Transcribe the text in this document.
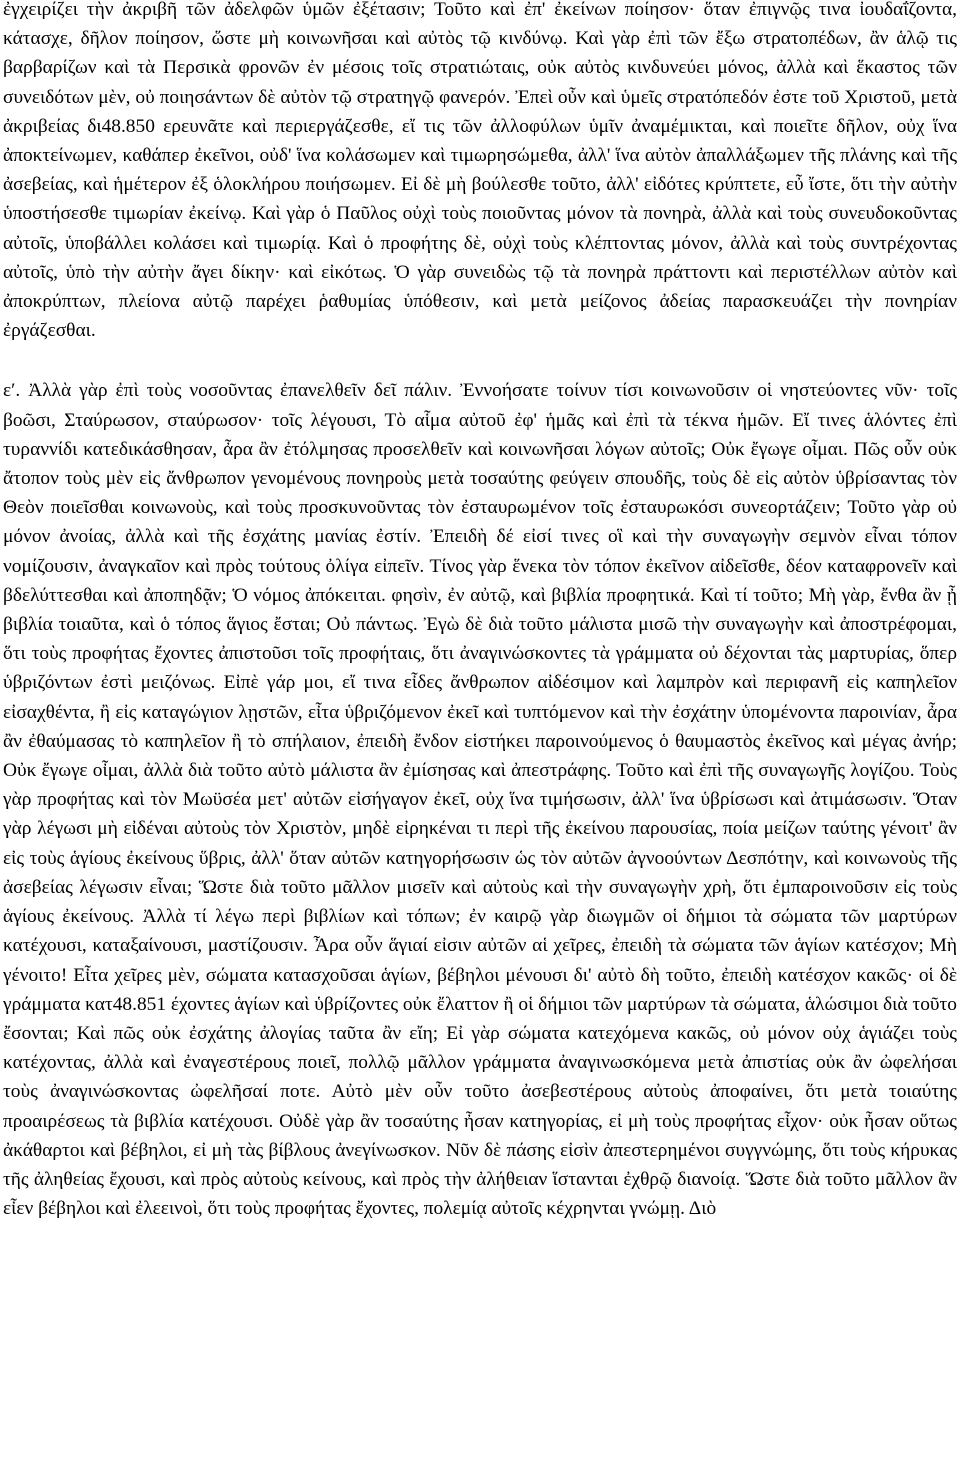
ἐγχειρίζει τὴν ἀκριβῆ τῶν ἀδελφῶν ὑμῶν ἐξέτασιν; Τοῦτο καὶ ἐπ' ἐκείνων ποίησον· ὅταν ἐπιγνῷς τινα ἰουδαΐζοντα, κάτασχε, δῆλον ποίησον, ὥστε μὴ κοινωνῆσαι καὶ αὐτὸς τῷ κινδύνῳ. Καὶ γὰρ ἐπὶ τῶν ἔξω στρατοπέδων, ἂν ἁλῷ τις βαρβαρίζων καὶ τὰ Περσικὰ φρονῶν ἐν μέσοις τοῖς στρατιώταις, οὐκ αὐτὸς κινδυνεύει μόνος, ἀλλὰ καὶ ἕκαστος τῶν συνειδότων μὲν, οὐ ποιησάντων δὲ αὐτὸν τῷ στρατηγῷ φανερόν. Ἐπεὶ οὖν καὶ ὑμεῖς στρατόπεδόν ἐστε τοῦ Χριστοῦ, μετὰ ἀκριβείας δι48.850 ερευνᾶτε καὶ περιεργάζεσθε, εἴ τις τῶν ἀλλοφύλων ὑμῖν ἀναμέμικται, καὶ ποιεῖτε δῆλον, οὐχ ἵνα ἀποκτείνωμεν, καθάπερ ἐκεῖνοι, οὐδ' ἵνα κολάσωμεν καὶ τιμωρησώμεθα, ἀλλ' ἵνα αὐτὸν ἀπαλλάξωμεν τῆς πλάνης καὶ τῆς ἀσεβείας, καὶ ἡμέτερον ἐξ ὁλοκλήρου ποιήσωμεν. Εἰ δὲ μὴ βούλεσθε τοῦτο, ἀλλ' εἰδότες κρύπτετε, εὖ ἴστε, ὅτι τὴν αὐτὴν ὑποστήσεσθε τιμωρίαν ἐκείνῳ. Καὶ γὰρ ὁ Παῦλος οὐχὶ τοὺς ποιοῦντας μόνον τὰ πονηρὰ, ἀλλὰ καὶ τοὺς συνευδοκοῦντας αὐτοῖς, ὑποβάλλει κολάσει καὶ τιμωρίᾳ. Καὶ ὁ προφήτης δὲ, οὐχὶ τοὺς κλέπτοντας μόνον, ἀλλὰ καὶ τοὺς συντρέχοντας αὐτοῖς, ὑπὸ τὴν αὐτὴν ἄγει δίκην· καὶ εἰκότως. Ὁ γὰρ συνειδὼς τῷ τὰ πονηρὰ πράττοντι καὶ περιστέλλων αὐτὸν καὶ ἀποκρύπτων, πλείονα αὐτῷ παρέχει ῥαθυμίας ὑπόθεσιν, καὶ μετὰ μείζονος ἀδείας παρασκευάζει τὴν πονηρίαν ἐργάζεσθαι.

εʹ. Ἀλλὰ γὰρ ἐπὶ τοὺς νοσοῦντας ἐπανελθεῖν δεῖ πάλιν. Ἐννοήσατε τοίνυν τίσι κοινωνοῦσιν οἱ νηστεύοντες νῦν· τοῖς βοῶσι, Σταύρωσον, σταύρωσον· τοῖς λέγουσι, Τὸ αἷμα αὐτοῦ ἐφ' ἡμᾶς καὶ ἐπὶ τὰ τέκνα ἡμῶν. Εἴ τινες ἁλόντες ἐπὶ τυραννίδι κατεδικάσθησαν, ἆρα ἂν ἐτόλμησας προσελθεῖν καὶ κοινωνῆσαι λόγων αὐτοῖς; Οὐκ ἔγωγε οἶμαι. Πῶς οὖν οὐκ ἄτοπον τοὺς μὲν εἰς ἄνθρωπον γενομένους πονηροὺς μετὰ τοσαύτης φεύγειν σπουδῆς, τοὺς δὲ εἰς αὐτὸν ὑβρίσαντας τὸν Θεὸν ποιεῖσθαι κοινωνοὺς, καὶ τοὺς προσκυνοῦντας τὸν ἐσταυρωμένον τοῖς ἐσταυρωκόσι συνεορτάζειν; Τοῦτο γὰρ οὐ μόνον ἀνοίας, ἀλλὰ καὶ τῆς ἐσχάτης μανίας ἐστίν. Ἐπειδὴ δέ εἰσί τινες οἳ καὶ τὴν συναγωγὴν σεμνὸν εἶναι τόπον νομίζουσιν, ἀναγκαῖον καὶ πρὸς τούτους ὀλίγα εἰπεῖν. Τίνος γὰρ ἕνεκα τὸν τόπον ἐκεῖνον αἰδεῖσθε, δέον καταφρονεῖν καὶ βδελύττεσθαι καὶ ἀποπηδᾷν; Ὁ νόμος ἀπόκειται. φησὶν, ἐν αὐτῷ, καὶ βιβλία προφητικά. Καὶ τί τοῦτο; Μὴ γὰρ, ἔνθα ἂν ᾖ βιβλία τοιαῦτα, καὶ ὁ τόπος ἅγιος ἔσται; Οὐ πάντως. Ἐγὼ δὲ διὰ τοῦτο μάλιστα μισῶ τὴν συναγωγὴν καὶ ἀποστρέφομαι, ὅτι τοὺς προφήτας ἔχοντες ἀπιστοῦσι τοῖς προφήταις, ὅτι ἀναγινώσκοντες τὰ γράμματα οὐ δέχονται τὰς μαρτυρίας, ὅπερ ὑβριζόντων ἐστὶ μειζόνως. Εἰπὲ γάρ μοι, εἴ τινα εἶδες ἄνθρωπον αἰδέσιμον καὶ λαμπρὸν καὶ περιφανῆ εἰς καπηλεῖον εἰσαχθέντα, ἢ εἰς καταγώγιον λῃστῶν, εἶτα ὑβριζόμενον ἐκεῖ καὶ τυπτόμενον καὶ τὴν ἐσχάτην ὑπομένοντα παροινίαν, ἆρα ἂν ἐθαύμασας τὸ καπηλεῖον ἢ τὸ σπήλαιον, ἐπειδὴ ἔνδον εἱστήκει παροινούμενος ὁ θαυμαστὸς ἐκεῖνος καὶ μέγας ἀνήρ; Οὐκ ἔγωγε οἶμαι, ἀλλὰ διὰ τοῦτο αὐτὸ μάλιστα ἂν ἐμίσησας καὶ ἀπεστράφης. Τοῦτο καὶ ἐπὶ τῆς συναγωγῆς λογίζου. Τοὺς γὰρ προφήτας καὶ τὸν Μωϋσέα μετ' αὐτῶν εἰσήγαγον ἐκεῖ, οὐχ ἵνα τιμήσωσιν, ἀλλ' ἵνα ὑβρίσωσι καὶ ἀτιμάσωσιν. Ὅταν γὰρ λέγωσι μὴ εἰδέναι αὐτοὺς τὸν Χριστὸν, μηδὲ εἰρηκέναι τι περὶ τῆς ἐκείνου παρουσίας, ποία μείζων ταύτης γένοιτ' ἂν εἰς τοὺς ἁγίους ἐκείνους ὕβρις, ἀλλ' ὅταν αὐτῶν κατηγορήσωσιν ὡς τὸν αὐτῶν ἀγνοούντων Δεσπότην, καὶ κοινωνοὺς τῆς ἀσεβείας λέγωσιν εἶναι; Ὥστε διὰ τοῦτο μᾶλλον μισεῖν καὶ αὐτοὺς καὶ τὴν συναγωγὴν χρὴ, ὅτι ἐμπαροινοῦσιν εἰς τοὺς ἁγίους ἐκείνους. Ἀλλὰ τί λέγω περὶ βιβλίων καὶ τόπων; ἐν καιρῷ γὰρ διωγμῶν οἱ δήμιοι τὰ σώματα τῶν μαρτύρων κατέχουσι, καταξαίνουσι, μαστίζουσιν. Ἆρα οὖν ἅγιαί εἰσιν αὐτῶν αἱ χεῖρες, ἐπειδὴ τὰ σώματα τῶν ἁγίων κατέσχον; Μὴ γένοιτο! Εἶτα χεῖρες μὲν, σώματα κατασχοῦσαι ἁγίων, βέβηλοι μένουσι δι' αὐτὸ δὴ τοῦτο, ἐπειδὴ κατέσχον κακῶς· οἱ δὲ γράμματα κατ48.851 έχοντες ἁγίων καὶ ὑβρίζοντες οὐκ ἔλαττον ἢ οἱ δήμιοι τῶν μαρτύρων τὰ σώματα, ἁλώσιμοι διὰ τοῦτο ἔσονται; Καὶ πῶς οὐκ ἐσχάτης ἀλογίας ταῦτα ἂν εἴη; Εἰ γὰρ σώματα κατεχόμενα κακῶς, οὐ μόνον οὐχ ἁγιάζει τοὺς κατέχοντας, ἀλλὰ καὶ ἐναγεστέρους ποιεῖ, πολλῷ μᾶλλον γράμματα ἀναγινωσκόμενα μετὰ ἀπιστίας οὐκ ἂν ὠφελήσαι τοὺς ἀναγινώσκοντας ὠφελῆσαί ποτε. Αὐτὸ μὲν οὖν τοῦτο ἀσεβεστέρους αὐτοὺς ἀποφαίνει, ὅτι μετὰ τοιαύτης προαιρέσεως τὰ βιβλία κατέχουσι. Οὐδὲ γὰρ ἂν τοσαύτης ἦσαν κατηγορίας, εἰ μὴ τοὺς προφήτας εἶχον· οὐκ ἦσαν οὕτως ἀκάθαρτοι καὶ βέβηλοι, εἰ μὴ τὰς βίβλους ἀνεγίνωσκον. Νῦν δὲ πάσης εἰσὶν ἀπεστερημένοι συγγνώμης, ὅτι τοὺς κήρυκας τῆς ἀληθείας ἔχουσι, καὶ πρὸς αὐτοὺς κείνους, καὶ πρὸς τὴν ἀλήθειαν ἵστανται ἐχθρῷ διανοίᾳ. Ὥστε διὰ τοῦτο μᾶλλον ἂν εἶεν βέβηλοι καὶ ἐλεεινοὶ, ὅτι τοὺς προφήτας ἔχοντες, πολεμίᾳ αὐτοῖς κέχρηνται γνώμῃ. Διὸ
